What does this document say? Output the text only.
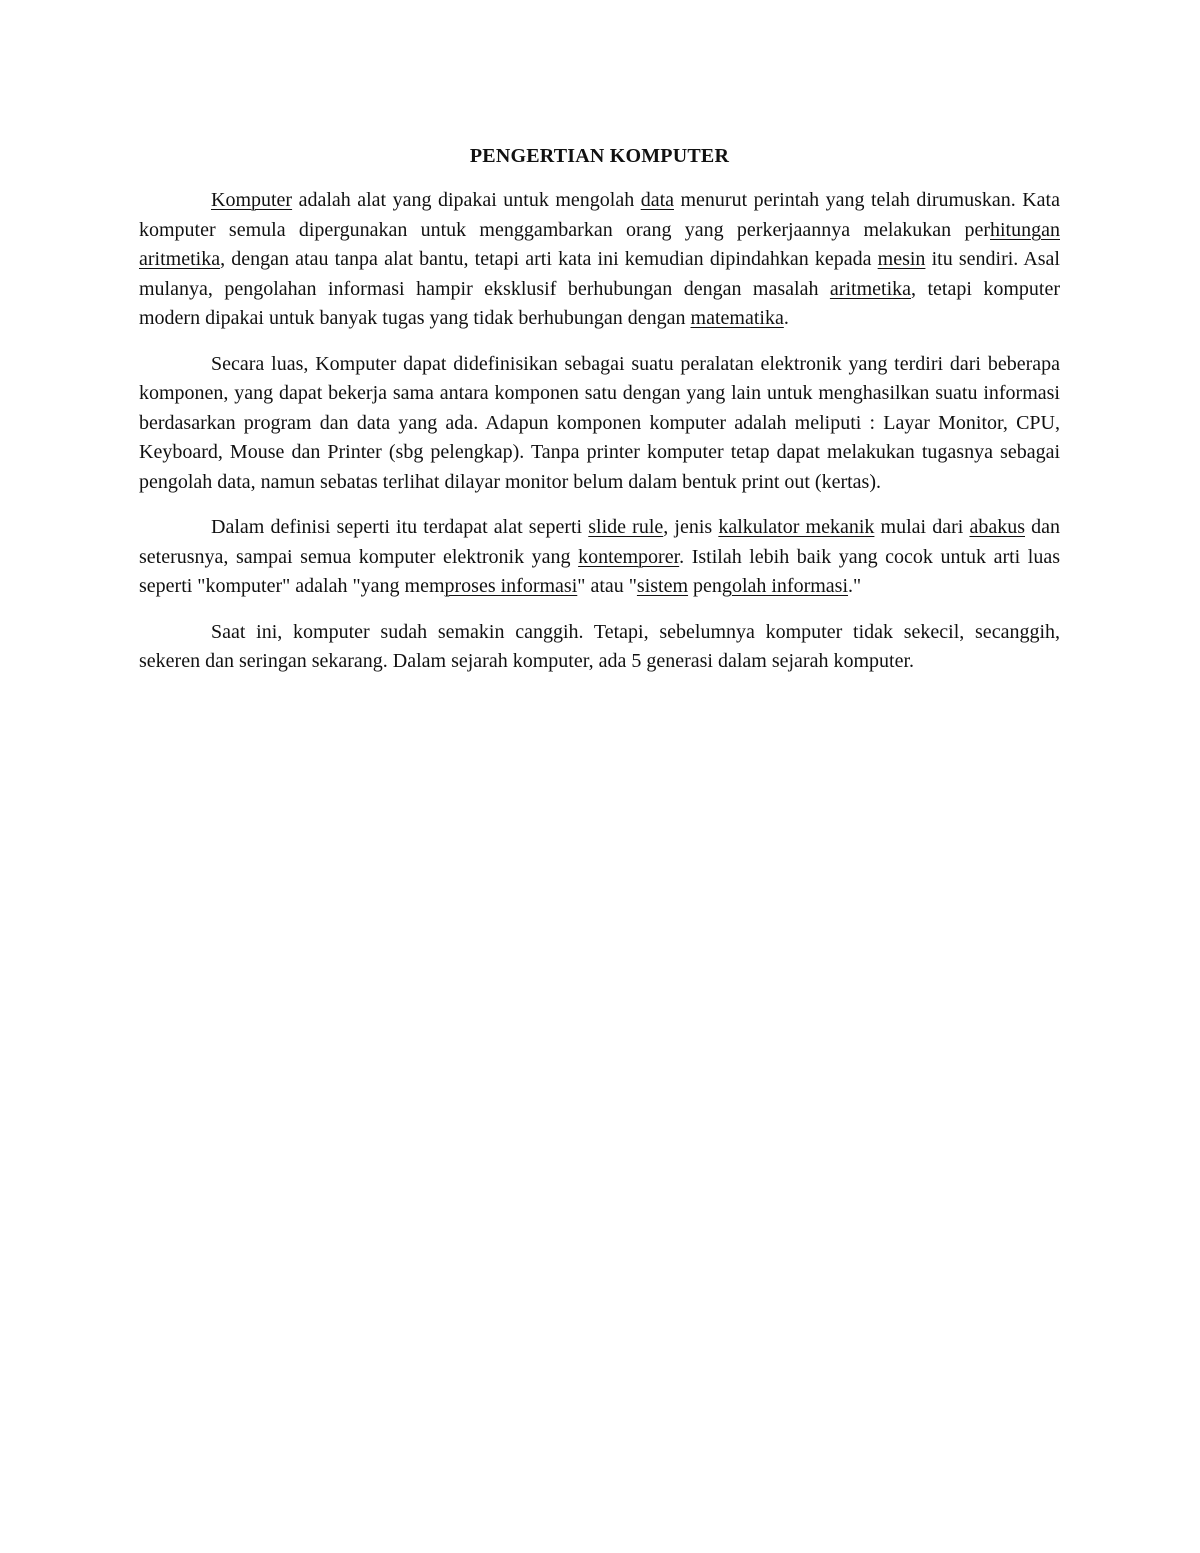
PENGERTIAN KOMPUTER

Komputer adalah alat yang dipakai untuk mengolah data menurut perintah yang telah dirumuskan. Kata komputer semula dipergunakan untuk menggambarkan orang yang perkerjaannya melakukan perhitungan aritmetika, dengan atau tanpa alat bantu, tetapi arti kata ini kemudian dipindahkan kepada mesin itu sendiri. Asal mulanya, pengolahan informasi hampir eksklusif berhubungan dengan masalah aritmetika, tetapi komputer modern dipakai untuk banyak tugas yang tidak berhubungan dengan matematika.

Secara luas, Komputer dapat didefinisikan sebagai suatu peralatan elektronik yang terdiri dari beberapa komponen, yang dapat bekerja sama antara komponen satu dengan yang lain untuk menghasilkan suatu informasi berdasarkan program dan data yang ada. Adapun komponen komputer adalah meliputi : Layar Monitor, CPU, Keyboard, Mouse dan Printer (sbg pelengkap). Tanpa printer komputer tetap dapat melakukan tugasnya sebagai pengolah data, namun sebatas terlihat dilayar monitor belum dalam bentuk print out (kertas).

Dalam definisi seperti itu terdapat alat seperti slide rule, jenis kalkulator mekanik mulai dari abakus dan seterusnya, sampai semua komputer elektronik yang kontemporer. Istilah lebih baik yang cocok untuk arti luas seperti "komputer" adalah "yang memproses informasi" atau "sistem pengolah informasi."

Saat ini, komputer sudah semakin canggih. Tetapi, sebelumnya komputer tidak sekecil, secanggih, sekeren dan seringan sekarang. Dalam sejarah komputer, ada 5 generasi dalam sejarah komputer.
